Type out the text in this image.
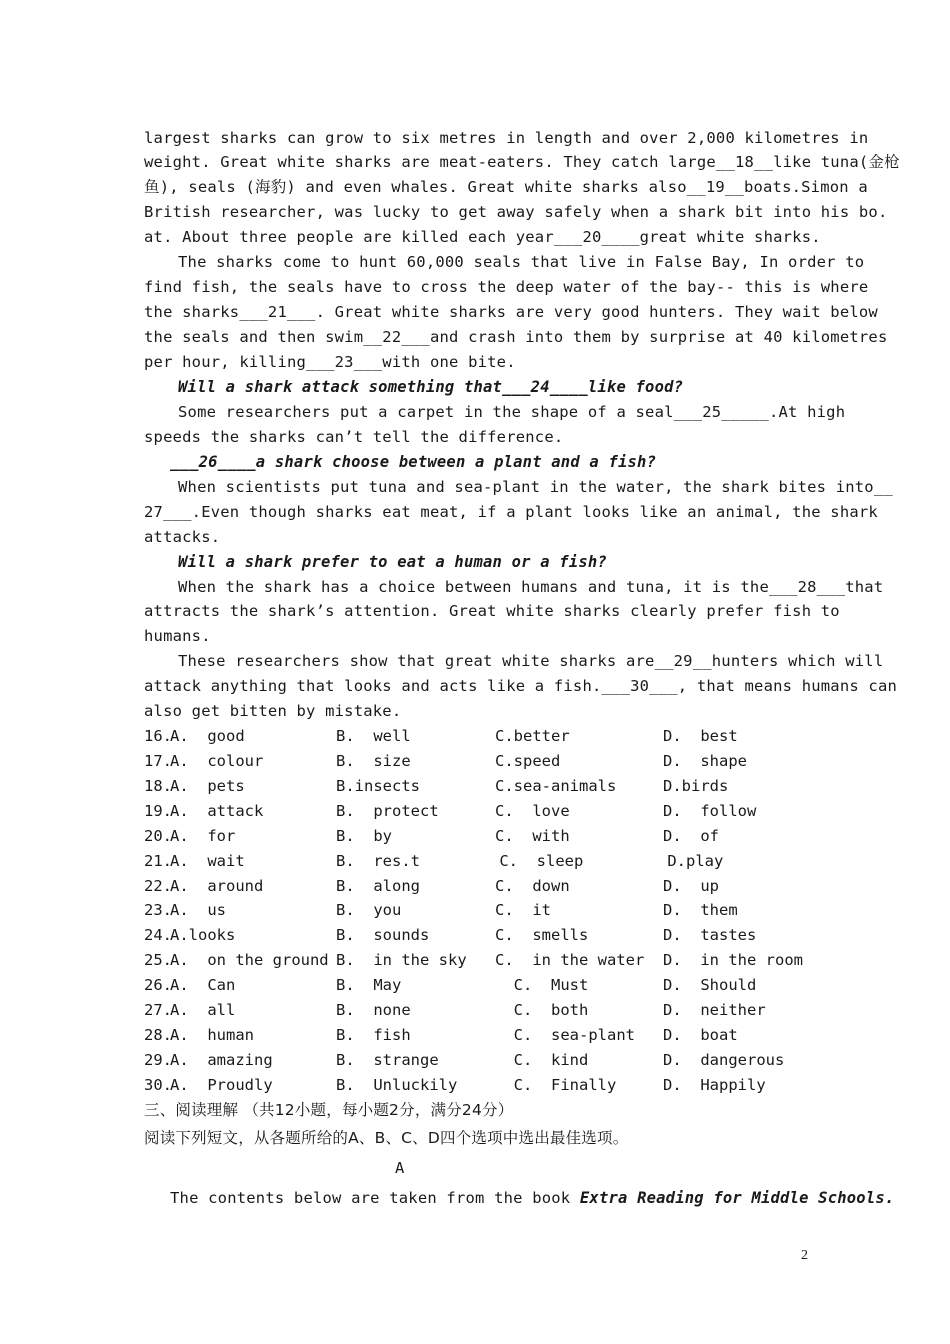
largest sharks can grow to six metres in length and over 2,000 kilometres in
weight. Great white sharks are meat-eaters. They catch large__18__like tuna(金枪
鱼), seals (海豹) and even whales. Great white sharks also__19__boats.Simon a
British researcher, was lucky to get away safely when a shark bit into his bo.
at. About three people are killed each year___20____great white sharks.
The sharks come to hunt 60,000 seals that live in False Bay, In order to
find fish, the seals have to cross the deep water of the bay-- this is where
the sharks___21___. Great white sharks are very good hunters. They wait below
the seals and then swim__22___and crash into them by surprise at 40 kilometres
per hour, killing___23___with one bite.
Will a shark attack something that___24____like food?
Some researchers put a carpet in the shape of a seal___25_____.At high
speeds the sharks can’t tell the difference.
___26____a shark choose between a plant and a fish?
When scientists put tuna and sea-plant in the water, the shark bites into__
27___.Even though sharks eat meat, if a plant looks like an animal, the shark
attacks.
Will a shark prefer to eat a human or a fish?
When the shark has a choice between humans and tuna, it is the___28___that
attracts the shark’s attention. Great white sharks clearly prefer fish to
humans.
These researchers show that great white sharks are__29__hunters which will
attack anything that looks and acts like a fish.___30___, that means humans can
also get bitten by mistake.
16.
A.  good	B.  well	C.better	D.  best
17.
A.  colour	B.  size	C.speed	D.  shape
18.
A.  pets	B.insects	C.sea-animals	D.birds
19.
A.  attack	B.  protect	C.  love	D.  follow
20.
A.  for	B.  by	C.  with	D.  of
21.
A.  wait	B.  res.t	C.  sleep	D.play
22.
A.  around	B.  along	C.  down	D.  up
23.
A.  us	B.  you	C.  it	D.  them
24.
A.looks	B.  sounds	C.  smells	D.  tastes
25.
A.  on the ground B.  in the sky C.  in the water D.  in the room
26.
A.  Can	B.  May	C.  Must	D.  Should
27.
A.  all	B.  none	C.  both	D.  neither
28.
A.  human	B.  fish	C.  sea-plant D.  boat
29.
A.  amazing	B.  strange	C.  kind	D.  dangerous
30.
A.  Proudly	B.  Unluckily C.  Finally	D.  Happily
三、阅读理解 （共12小题，每小题2分，满分24分）
阅读下列短文，从各题所给的A、B、C、D四个选项中选出最佳选项。
A
The contents below are taken from the book Extra Reading for Middle Schools.
2
